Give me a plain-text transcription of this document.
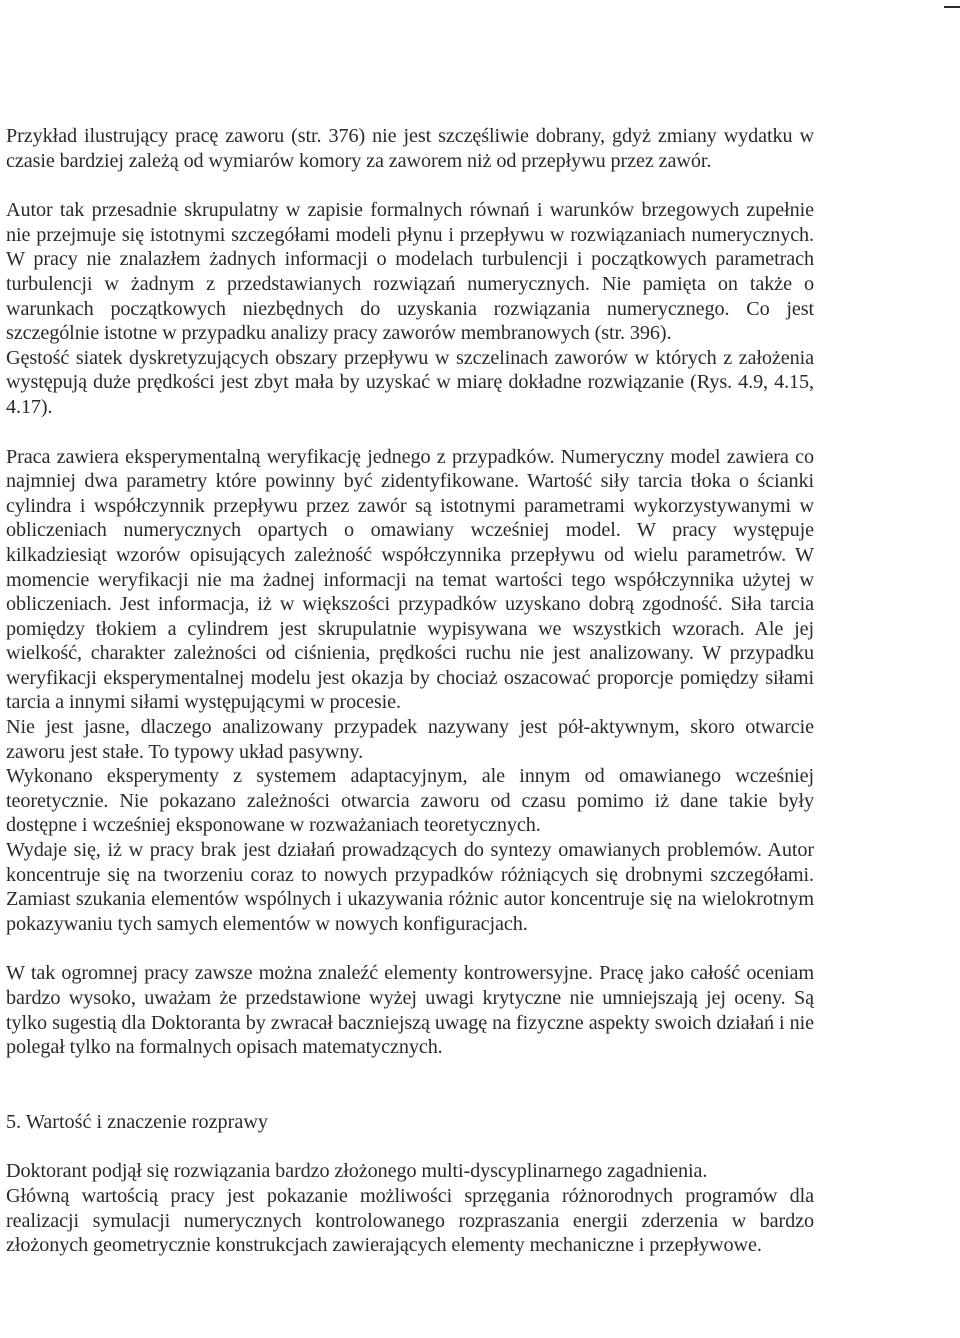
Przykład ilustrujący pracę zaworu (str. 376) nie jest szczęśliwie dobrany, gdyż zmiany wydatku w czasie bardziej zależą od wymiarów komory za zaworem niż od przepływu przez zawór.

Autor tak przesadnie skrupulatny w zapisie formalnych równań i warunków brzegowych zupełnie nie przejmuje się istotnymi szczegółami modeli płynu i przepływu w rozwiązaniach numerycznych. W pracy nie znalazłem żadnych informacji o modelach turbulencji i początkowych parametrach turbulencji w żadnym z przedstawianych rozwiązań numerycznych. Nie pamięta on także o warunkach początkowych niezbędnych do uzyskania rozwiązania numerycznego. Co jest szczególnie istotne w przypadku analizy pracy zaworów membranowych (str. 396).

Gęstość siatek dyskretyzujących obszary przepływu w szczelinach zaworów w których z założenia występują duże prędkości jest zbyt mała by uzyskać w miarę dokładne rozwiązanie (Rys. 4.9, 4.15, 4.17).

Praca zawiera eksperymentalną weryfikację jednego z przypadków. Numeryczny model zawiera co najmniej dwa parametry które powinny być zidentyfikowane. Wartość siły tarcia tłoka o ścianki cylindra i współczynnik przepływu przez zawór są istotnymi parametrami wykorzystywanymi w obliczeniach numerycznych opartych o omawiany wcześniej model. W pracy występuje kilkadziesiąt wzorów opisujących zależność współczynnika przepływu od wielu parametrów. W momencie weryfikacji nie ma żadnej informacji na temat wartości tego współczynnika użytej w obliczeniach. Jest informacja, iż w większości przypadków uzyskano dobrą zgodność. Siła tarcia pomiędzy tłokiem a cylindrem jest skrupulatnie wypisywana we wszystkich wzorach. Ale jej wielkość, charakter zależności od ciśnienia, prędkości ruchu nie jest analizowany. W przypadku weryfikacji eksperymentalnej modelu jest okazja by chociaż oszacować proporcje pomiędzy siłami tarcia a innymi siłami występującymi w procesie.

Nie jest jasne, dlaczego analizowany przypadek nazywany jest pół-aktywnym, skoro otwarcie zaworu jest stałe. To typowy układ pasywny.

Wykonano eksperymenty z systemem adaptacyjnym, ale innym od omawianego wcześniej teoretycznie. Nie pokazano zależności otwarcia zaworu od czasu pomimo iż dane takie były dostępne i wcześniej eksponowane w rozważaniach teoretycznych.

Wydaje się, iż w pracy brak jest działań prowadzących do syntezy omawianych problemów. Autor koncentruje się na tworzeniu coraz to nowych przypadków różniących się drobnymi szczegółami. Zamiast szukania elementów wspólnych i ukazywania różnic autor koncentruje się na wielokrotnym pokazywaniu tych samych elementów w nowych konfiguracjach.

W tak ogromnej pracy zawsze można znaleźć elementy kontrowersyjne. Pracę jako całość oceniam bardzo wysoko, uważam że przedstawione wyżej uwagi krytyczne nie umniejszają jej oceny. Są tylko sugestią dla Doktoranta by zwracał baczniejszą uwagę na fizyczne aspekty swoich działań i nie polegał tylko na formalnych opisach matematycznych.

5. Wartość i znaczenie rozprawy

Doktorant podjął się rozwiązania bardzo złożonego multi-dyscyplinarnego zagadnienia.

Główną wartością pracy jest pokazanie możliwości sprzęgania różnorodnych programów dla realizacji symulacji numerycznych kontrolowanego rozpraszania energii zderzenia w bardzo złożonych geometrycznie konstrukcjach zawierających elementy mechaniczne i przepływowe.
